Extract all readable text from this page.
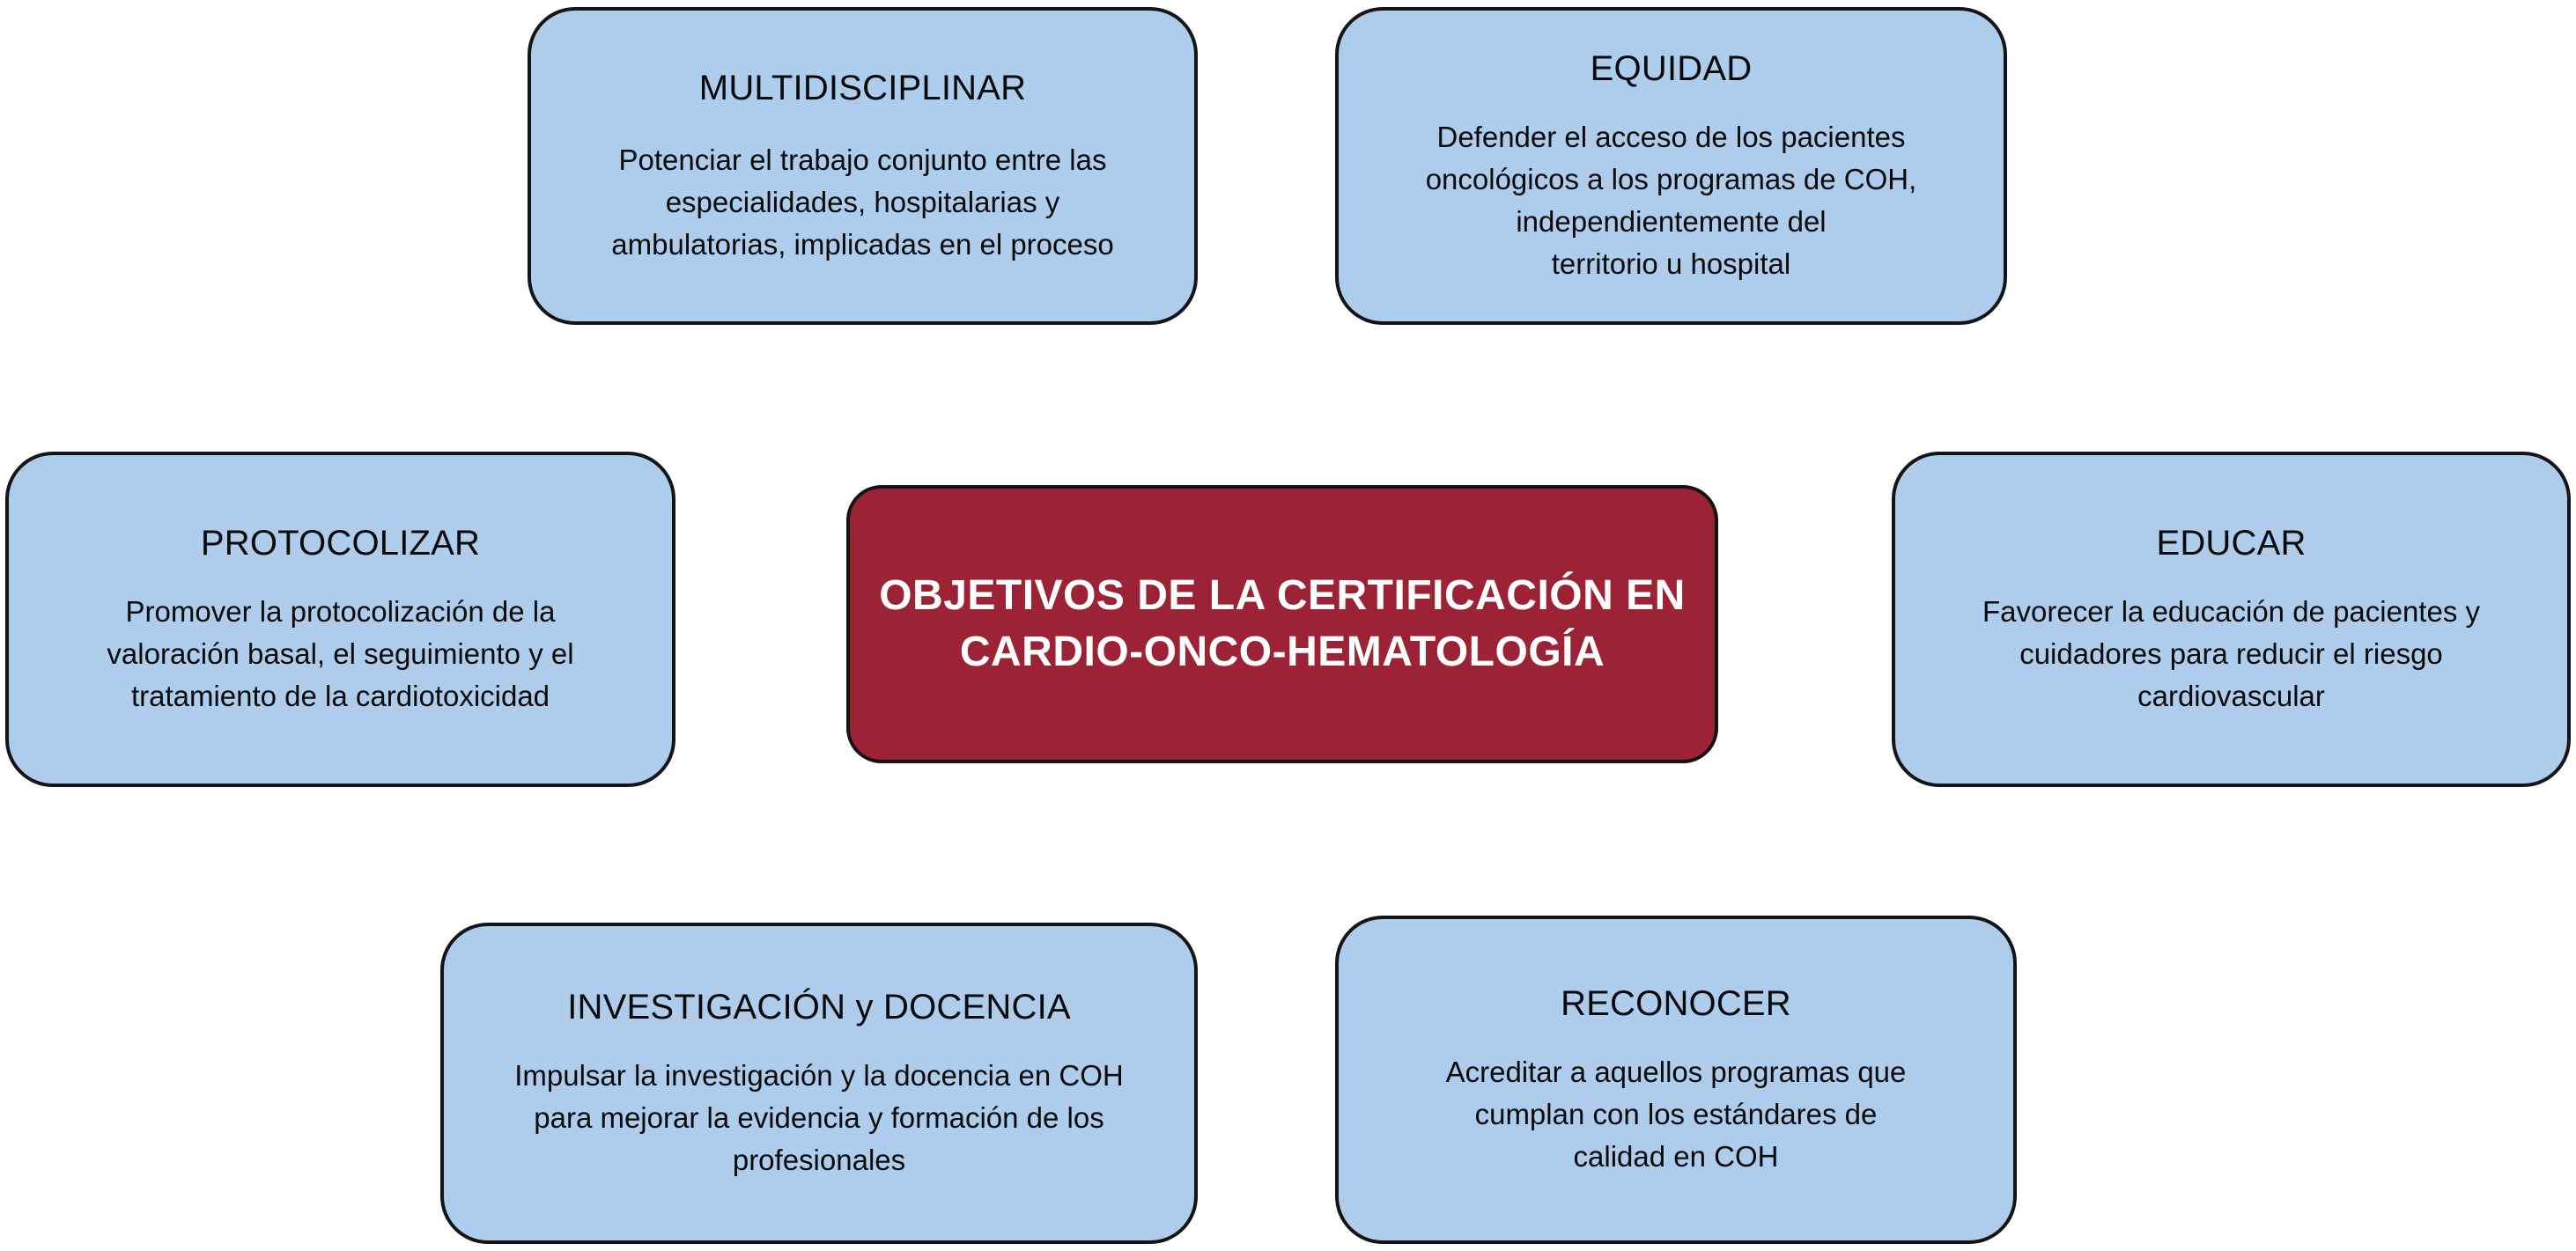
MULTIDISCIPLINAR
Potenciar el trabajo conjunto entre las
especialidades, hospitalarias y
ambulatorias, implicadas en el proceso
EQUIDAD
Defender el acceso de los pacientes
oncológicos a los programas de COH,
independientemente del
territorio u hospital
PROTOCOLIZAR
Promover la protocolización de la
valoración basal, el seguimiento y el
tratamiento de la cardiotoxicidad
OBJETIVOS DE LA CERTIFICACIÓN EN
CARDIO-ONCO-HEMATOLOGÍA
EDUCAR
Favorecer la educación de pacientes y
cuidadores para reducir el riesgo
cardiovascular
INVESTIGACIÓN y DOCENCIA
Impulsar la investigación y la docencia en COH
para mejorar la evidencia y formación de los
profesionales
RECONOCER
Acreditar a aquellos programas que
cumplan con los estándares de
calidad en COH
